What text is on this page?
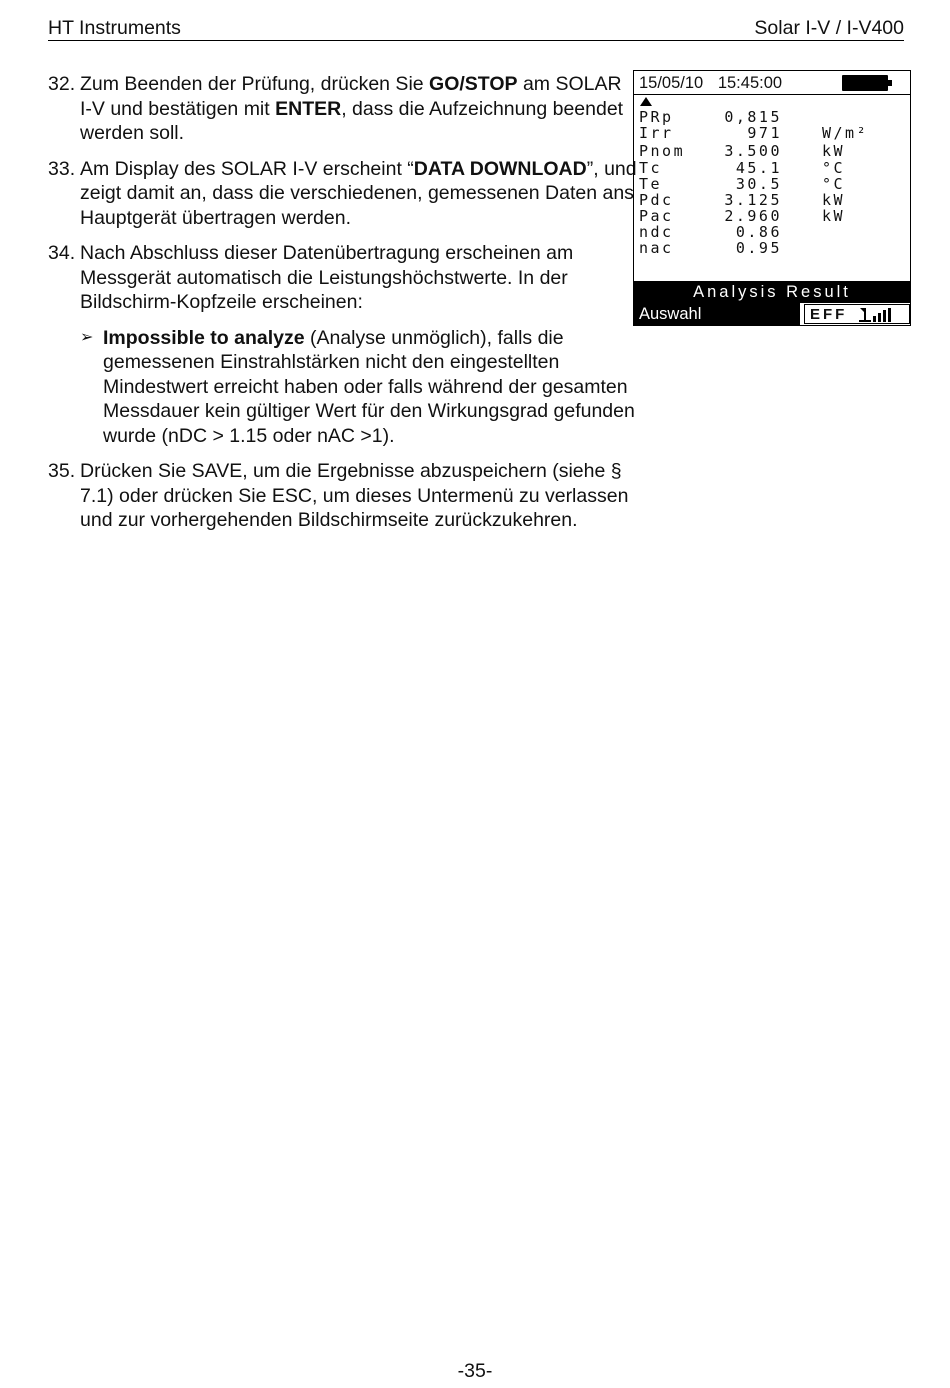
HT Instruments	Solar I-V / I-V400
32. Zum Beenden der Prüfung, drücken Sie GO/STOP am SOLAR I-V und bestätigen mit ENTER, dass die Aufzeichnung beendet werden soll.
33. Am Display des SOLAR I-V erscheint “DATA DOWNLOAD”, und zeigt damit an, dass die verschiedenen, gemessenen Daten ans Hauptgerät übertragen werden.
34. Nach Abschluss dieser Datenübertragung erscheinen am Messgerät automatisch die Leistungshöchstwerte. In der Bildschirm-Kopfzeile erscheinen:
➢ Impossible to analyze (Analyse unmöglich), falls die gemessenen Einstrahlstärken nicht den eingestellten Mindestwert erreicht haben oder falls während der gesamten Messdauer kein gültiger Wert für den Wirkungsgrad gefunden wurde (nDC > 1.15 oder nAC >1).
35. Drücken Sie SAVE, um die Ergebnisse abzuspeichern (siehe § 7.1) oder drücken Sie ESC, um dieses Untermenü zu verlassen und zur vorhergehenden Bildschirmseite zurückzukehren.
15/05/10 15:45:00
PRp	0,815
Irr	971	W/m²
Pnom	3.500	kW
Tc	45.1	°C
Te	30.5	°C
Pdc	3.125	kW
Pac	2.960	kW
ndc	0.86
nac	0.95
Analysis Result
Auswahl	EFF
-35-
